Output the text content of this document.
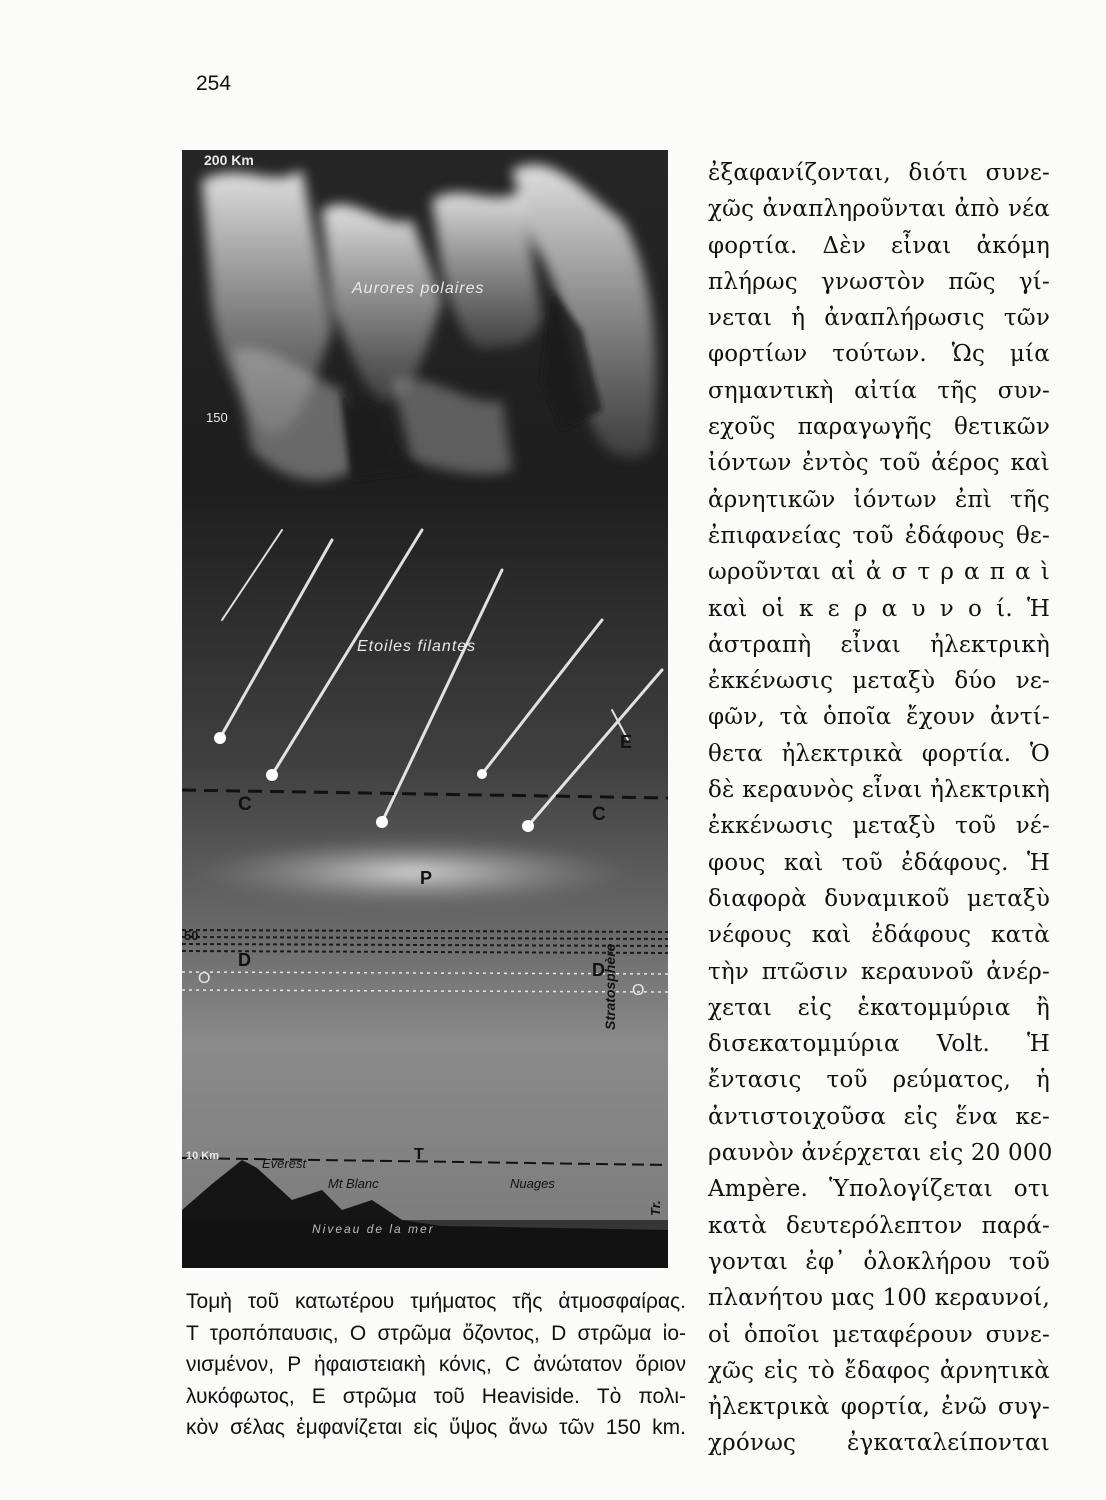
254
200 Km
150
50
10 Km
Aurores polaires
Etoiles filantes
C	C
E
P
D	D
O
O
Stratosphère
Tr.
T
Everest
Mt Blanc	Nuages
Niveau de la mer
ἐξαφανίζονται, διότι συνε-
χῶς ἀναπληροῦνται ἀπὸ νέα
φορτία. Δὲν εἶναι ἀκόμη
πλήρως γνωστὸν πῶς γί-
νεται ἡ ἀναπλήρωσις τῶν
φορτίων τούτων. Ὡς μία
σημαντικὴ αἰτία τῆς συν-
εχοῦς παραγωγῆς θετικῶν
ἰόντων ἐντὸς τοῦ ἀέρος καὶ
ἀρνητικῶν ἰόντων ἐπὶ τῆς
ἐπιφανείας τοῦ ἐδάφους θε-
ωροῦνται αἱ ἀ σ τ ρ α π α ὶ
καὶ οἱ κ ε ρ α υ ν ο ί. Ἡ
ἀστραπὴ εἶναι ἠλεκτρικὴ
ἐκκένωσις μεταξὺ δύο νε-
φῶν, τὰ ὁποῖα ἔχουν ἀντί-
θετα ἠλεκτρικὰ φορτία. Ὁ
δὲ κεραυνὸς εἶναι ἠλεκτρικὴ
ἐκκένωσις μεταξὺ τοῦ νέ-
φους καὶ τοῦ ἐδάφους. Ἡ
διαφορὰ δυναμικοῦ μεταξὺ
νέφους καὶ ἐδάφους κατὰ
τὴν πτῶσιν κεραυνοῦ ἀνέρ-
χεται εἰς ἑκατομμύρια ἢ
δισεκατομμύρια Volt. Ἡ
ἔντασις τοῦ ρεύματος, ἡ
ἀντιστοιχοῦσα εἰς ἕνα κε-
ραυνὸν ἀνέρχεται εἰς 20 000
Ampère. Ὑπολογίζεται οτι
κατὰ δευτερόλεπτον παρά-
γονται ἐφ᾽ ὁλοκλήρου τοῦ
πλανήτου μας 100 κεραυνοί,
οἱ ὁποῖοι μεταφέρουν συνε-
χῶς εἰς τὸ ἔδαφος ἀρνητικὰ
ἠλεκτρικὰ φορτία, ἐνῶ συγ-
χρόνως ἐγκαταλείπονται
Τομὴ τοῦ κατωτέρου τμήματος τῆς ἀτμοσφαίρας.
Τ τροπόπαυσις, Ο στρῶμα ὄζοντος, D στρῶμα ἰο-
νισμένον, Ρ ἡφαιστειακὴ κόνις, C ἀνώτατον ὅριον
λυκόφωτος, Ε στρῶμα τοῦ Heaviside. Τὸ πολι-
κὸν σέλας ἐμφανίζεται εἰς ὕψος ἄνω τῶν 150 km.
